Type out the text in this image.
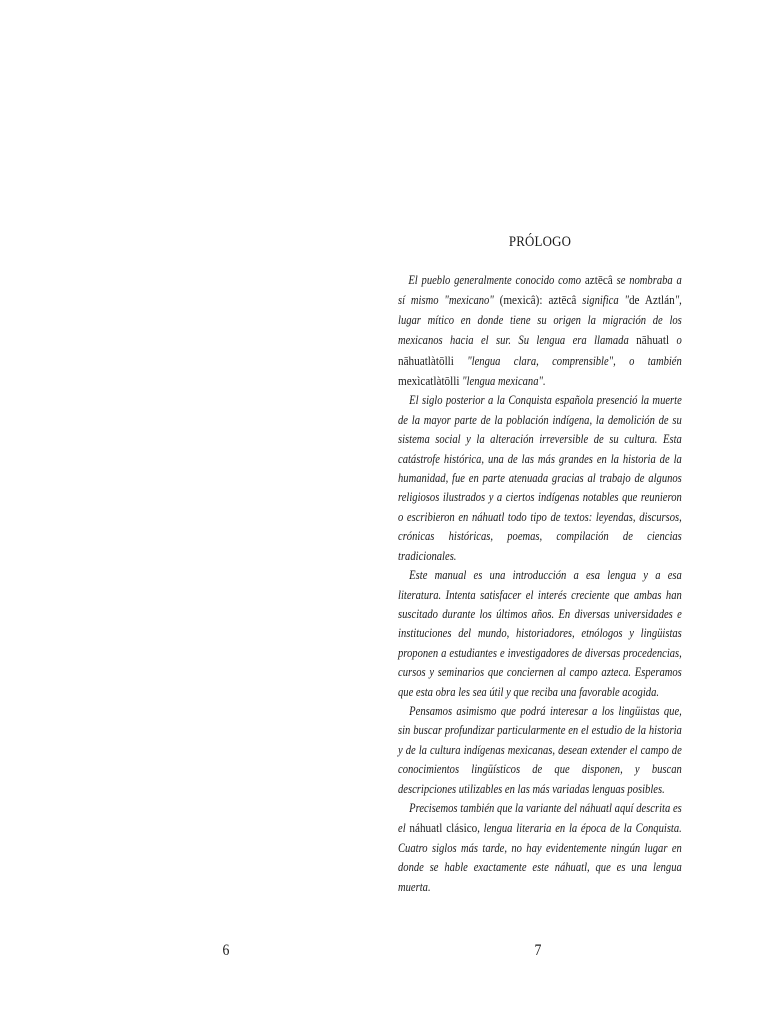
PRÓLOGO

El pueblo generalmente conocido como aztēcâ se nombraba a sí mismo "mexicano" (mexicâ): aztēcâ significa "de Aztlán", lugar mítico en donde tiene su origen la migración de los mexicanos hacia el sur. Su lengua era llamada nāhuatl o nāhuatlàtōlli "lengua clara, comprensible", o también mexìcatlàtōlli "lengua mexicana".

El siglo posterior a la Conquista española presenció la muerte de la mayor parte de la población indígena, la demolición de su sistema social y la alteración irreversible de su cultura. Esta catástrofe histórica, una de las más grandes en la historia de la humanidad, fue en parte atenuada gracias al trabajo de algunos religiosos ilustrados y a ciertos indígenas notables que reunieron o escribieron en náhuatl todo tipo de textos: leyendas, discursos, crónicas históricas, poemas, compilación de ciencias tradicionales.

Este manual es una introducción a esa lengua y a esa literatura. Intenta satisfacer el interés creciente que ambas han suscitado durante los últimos años. En diversas universidades e instituciones del mundo, historiadores, etnólogos y lingüistas proponen a estudiantes e investigadores de diversas procedencias, cursos y seminarios que conciernen al campo azteca. Esperamos que esta obra les sea útil y que reciba una favorable acogida.

Pensamos asimismo que podrá interesar a los lingüistas que, sin buscar profundizar particularmente en el estudio de la historia y de la cultura indígenas mexicanas, desean extender el campo de conocimientos lingüísticos de que disponen, y buscan descripciones utilizables en las más variadas lenguas posibles.

Precisemos también que la variante del náhuatl aquí descrita es el náhuatl clásico, lengua literaria en la época de la Conquista. Cuatro siglos más tarde, no hay evidentemente ningún lugar en donde se hable exactamente este náhuatl, que es una lengua muerta.

6	7
